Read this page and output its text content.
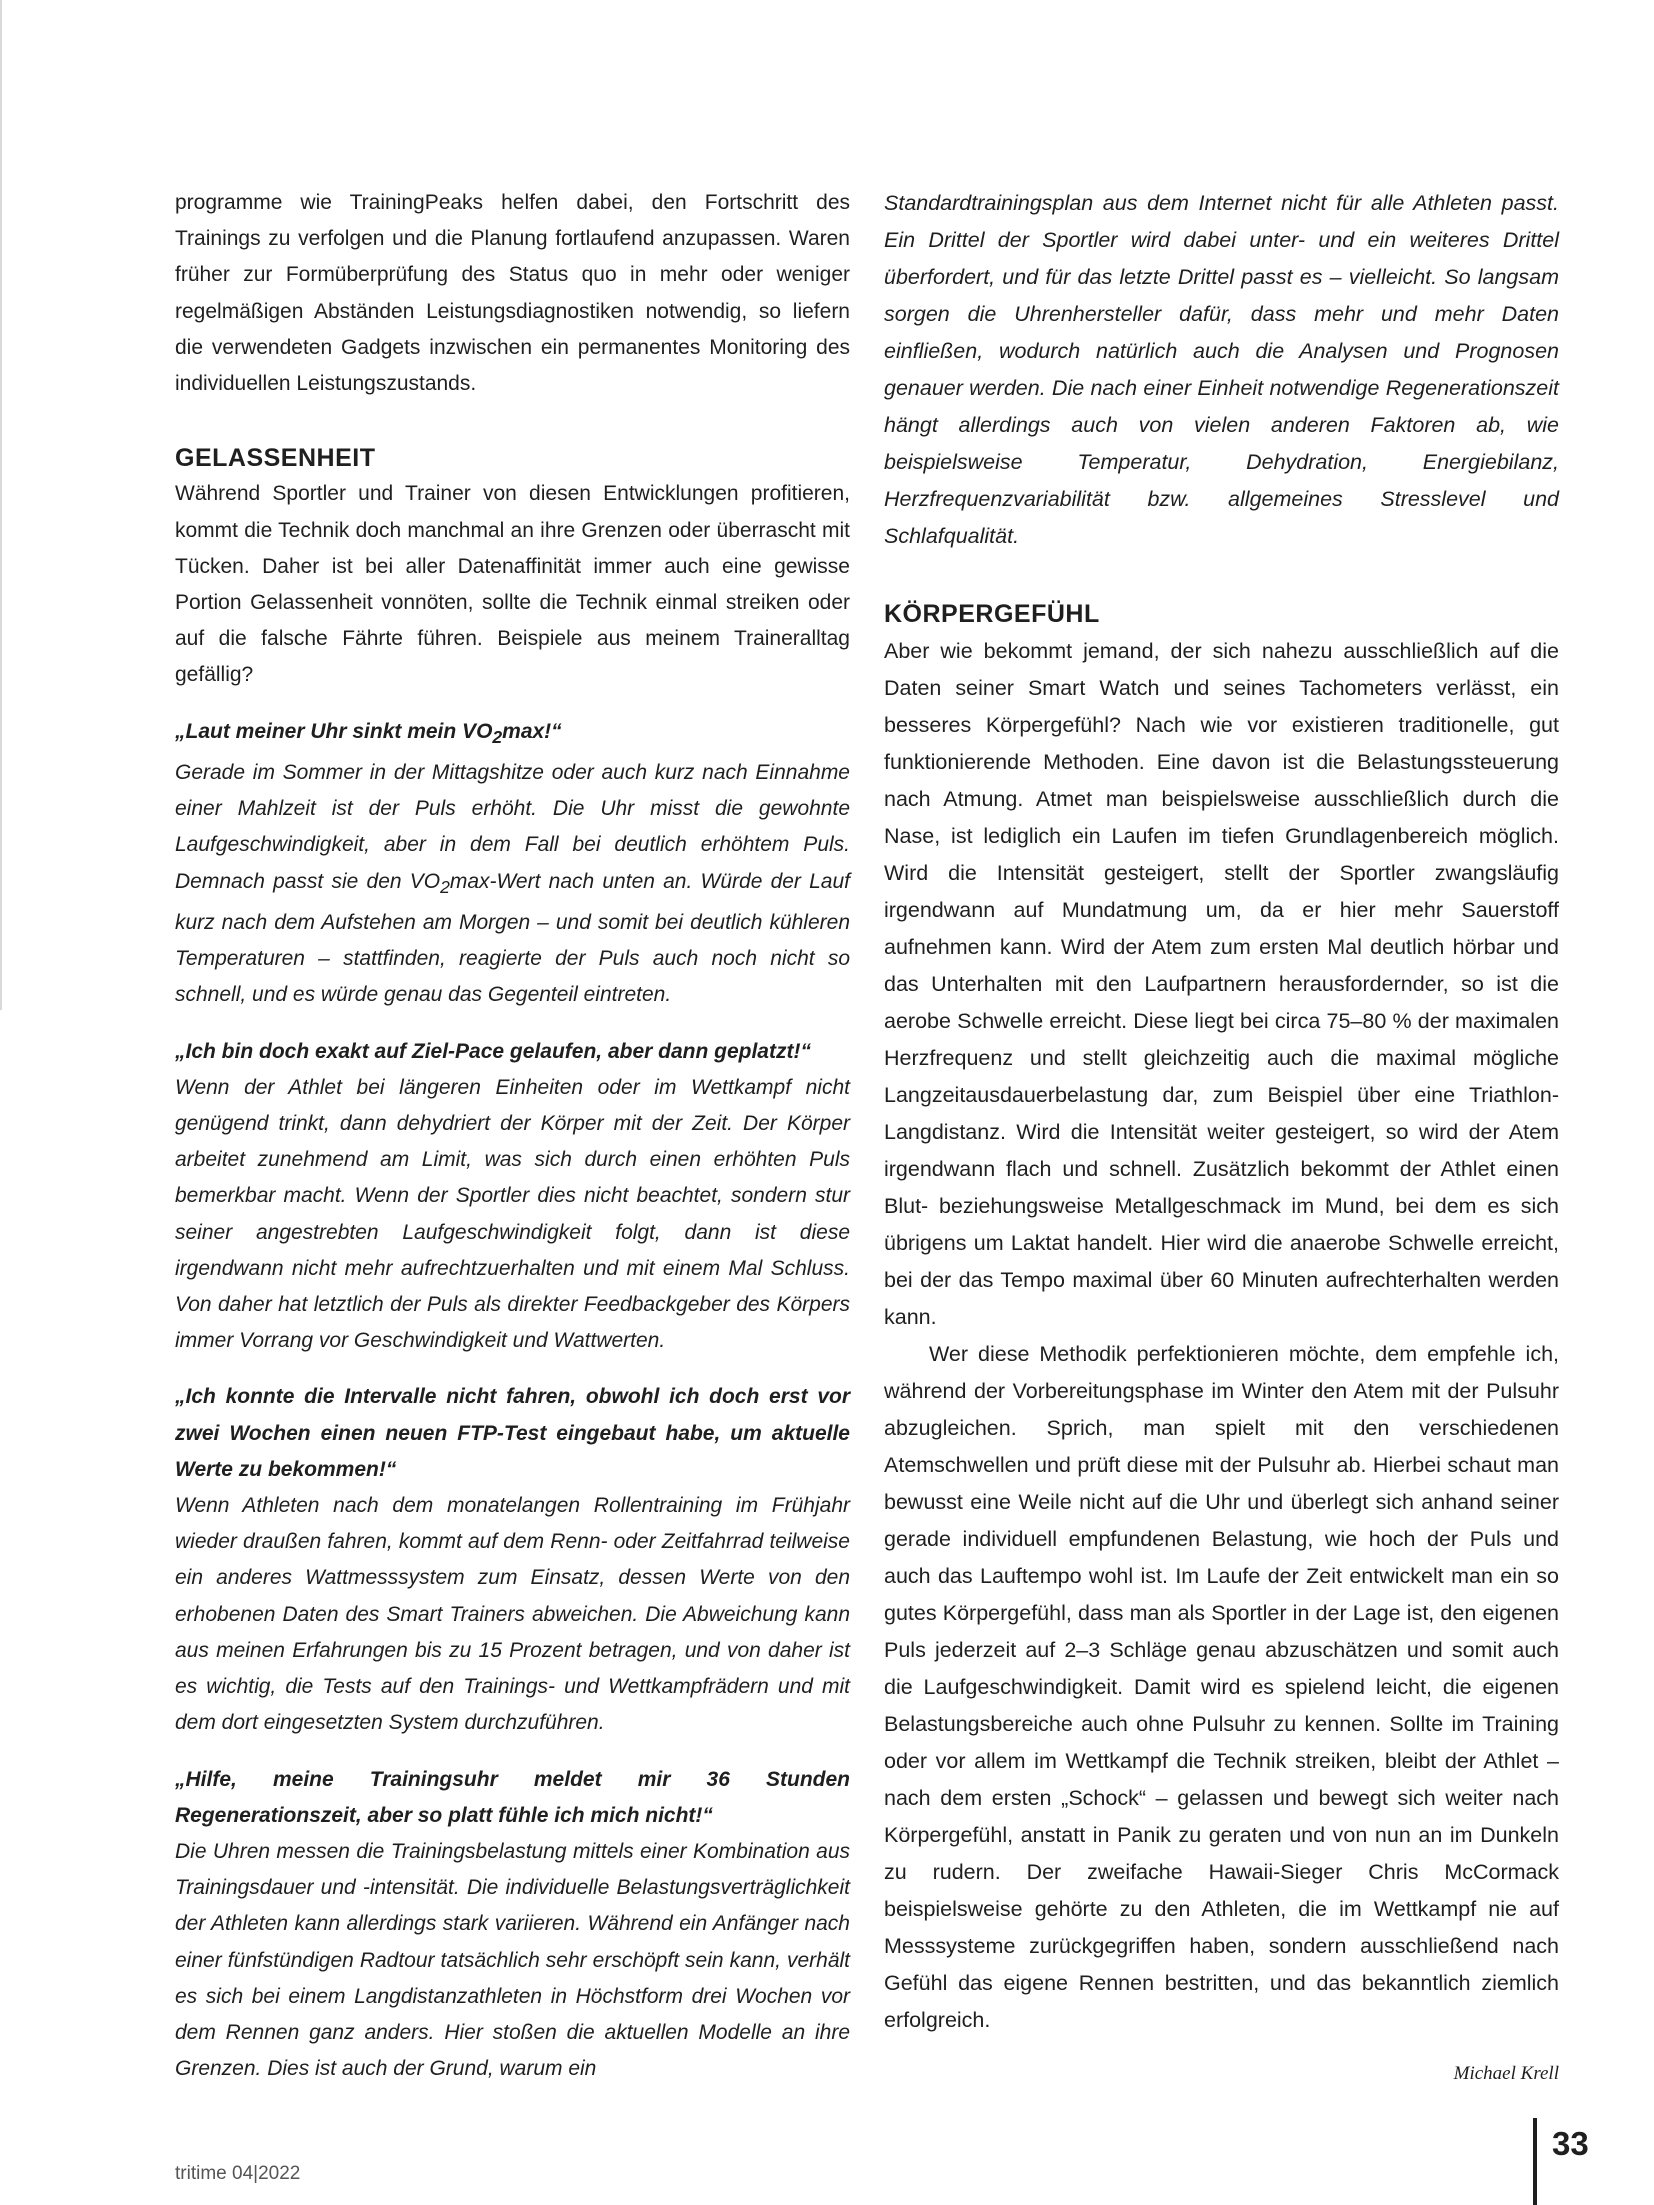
programme wie TrainingPeaks helfen dabei, den Fortschritt des Trainings zu verfolgen und die Planung fortlaufend anzupassen. Waren früher zur Formüberprüfung des Status quo in mehr oder weniger regelmäßigen Abständen Leistungsdiagnostiken notwendig, so liefern die verwendeten Gadgets inzwischen ein permanentes Monitoring des individuellen Leistungszustands.

GELASSENHEIT

Während Sportler und Trainer von diesen Entwicklungen profitieren, kommt die Technik doch manchmal an ihre Grenzen oder überrascht mit Tücken. Daher ist bei aller Datenaffinität immer auch eine gewisse Portion Gelassenheit vonnöten, sollte die Technik einmal streiken oder auf die falsche Fährte führen. Beispiele aus meinem Traineralltag gefällig?

„Laut meiner Uhr sinkt mein $VO_2\max!“$

Gerade im Sommer in der Mittagshitze oder auch kurz nach Einnahme einer Mahlzeit ist der Puls erhöht. Die Uhr misst die gewohnte Laufgeschwindigkeit, aber in dem Fall bei deutlich erhöhtem Puls. Demnach passt sie den $VO_2\max$-Wert nach unten an. Würde der Lauf kurz nach dem Aufstehen am Morgen – und somit bei deutlich kühleren Temperaturen – stattfinden, reagierte der Puls auch noch nicht so schnell, und es würde genau das Gegenteil eintreten.

„Ich bin doch exakt auf Ziel-Pace gelaufen, aber dann geplatzt!“

Wenn der Athlet bei längeren Einheiten oder im Wettkampf nicht genügend trinkt, dann dehydriert der Körper mit der Zeit. Der Körper arbeitet zunehmend am Limit, was sich durch einen erhöhten Puls bemerkbar macht. Wenn der Sportler dies nicht beachtet, sondern stur seiner angestrebten Laufgeschwindigkeit folgt, dann ist diese irgendwann nicht mehr aufrechtzuerhalten und mit einem Mal Schluss. Von daher hat letztlich der Puls als direkter Feedbackgeber des Körpers immer Vorrang vor Geschwindigkeit und Wattwerten.

„Ich konnte die Intervalle nicht fahren, obwohl ich doch erst vor zwei Wochen einen neuen FTP-Test eingebaut habe, um aktuelle Werte zu bekommen!“

Wenn Athleten nach dem monatelangen Rollentraining im Frühjahr wieder draußen fahren, kommt auf dem Renn- oder Zeitfahrrad teilweise ein anderes Wattmesssystem zum Einsatz, dessen Werte von den erhobenen Daten des Smart Trainers abweichen. Die Abweichung kann aus meinen Erfahrungen bis zu 15 Prozent betragen, und von daher ist es wichtig, die Tests auf den Trainings- und Wettkampfrädern und mit dem dort eingesetzten System durchzuführen.

„Hilfe, meine Trainingsuhr meldet mir 36 Stunden Regenerationszeit, aber so platt fühle ich mich nicht!“

Die Uhren messen die Trainingsbelastung mittels einer Kombination aus Trainingsdauer und -intensität. Die individuelle Belastungsverträglichkeit der Athleten kann allerdings stark variieren. Während ein Anfänger nach einer fünfstündigen Radtour tatsächlich sehr erschöpft sein kann, verhält es sich bei einem Langdistanzathleten in Höchstform drei Wochen vor dem Rennen ganz anders. Hier stoßen die aktuellen Modelle an ihre Grenzen. Dies ist auch der Grund, warum ein

Standardtrainingsplan aus dem Internet nicht für alle Athleten passt. Ein Drittel der Sportler wird dabei unter- und ein weiteres Drittel überfordert, und für das letzte Drittel passt es – vielleicht. So langsam sorgen die Uhrenhersteller dafür, dass mehr und mehr Daten einfließen, wodurch natürlich auch die Analysen und Prognosen genauer werden. Die nach einer Einheit notwendige Regenerationszeit hängt allerdings auch von vielen anderen Faktoren ab, wie beispielsweise Temperatur, Dehydration, Energiebilanz, Herzfrequenzvariabilität bzw. allgemeines Stresslevel und Schlafqualität.

KÖRPERGEFÜHL

Aber wie bekommt jemand, der sich nahezu ausschließlich auf die Daten seiner Smart Watch und seines Tachometers verlässt, ein besseres Körpergefühl? Nach wie vor existieren traditionelle, gut funktionierende Methoden. Eine davon ist die Belastungssteuerung nach Atmung. Atmet man beispielsweise ausschließlich durch die Nase, ist lediglich ein Laufen im tiefen Grundlagenbereich möglich. Wird die Intensität gesteigert, stellt der Sportler zwangsläufig irgendwann auf Mundatmung um, da er hier mehr Sauerstoff aufnehmen kann. Wird der Atem zum ersten Mal deutlich hörbar und das Unterhalten mit den Laufpartnern herausfordernder, so ist die aerobe Schwelle erreicht. Diese liegt bei circa 75–80 % der maximalen Herzfrequenz und stellt gleichzeitig auch die maximal mögliche Langzeitausdauerbelastung dar, zum Beispiel über eine Triathlon-Langdistanz. Wird die Intensität weiter gesteigert, so wird der Atem irgendwann flach und schnell. Zusätzlich bekommt der Athlet einen Blut- beziehungsweise Metallgeschmack im Mund, bei dem es sich übrigens um Laktat handelt. Hier wird die anaerobe Schwelle erreicht, bei der das Tempo maximal über 60 Minuten aufrechterhalten werden kann.

Wer diese Methodik perfektionieren möchte, dem empfehle ich, während der Vorbereitungsphase im Winter den Atem mit der Pulsuhr abzugleichen. Sprich, man spielt mit den verschiedenen Atemschwellen und prüft diese mit der Pulsuhr ab. Hierbei schaut man bewusst eine Weile nicht auf die Uhr und überlegt sich anhand seiner gerade individuell empfundenen Belastung, wie hoch der Puls und auch das Lauftempo wohl ist. Im Laufe der Zeit entwickelt man ein so gutes Körpergefühl, dass man als Sportler in der Lage ist, den eigenen Puls jederzeit auf 2–3 Schläge genau abzuschätzen und somit auch die Laufgeschwindigkeit. Damit wird es spielend leicht, die eigenen Belastungsbereiche auch ohne Pulsuhr zu kennen. Sollte im Training oder vor allem im Wettkampf die Technik streiken, bleibt der Athlet – nach dem ersten „Schock“ – gelassen und bewegt sich weiter nach Körpergefühl, anstatt in Panik zu geraten und von nun an im Dunkeln zu rudern. Der zweifache Hawaii-Sieger Chris McCormack beispielsweise gehörte zu den Athleten, die im Wettkampf nie auf Messsysteme zurückgegriffen haben, sondern ausschließend nach Gefühl das eigene Rennen bestritten, und das bekanntlich ziemlich erfolgreich.

Michael Krell

tritime 04|2022
33
